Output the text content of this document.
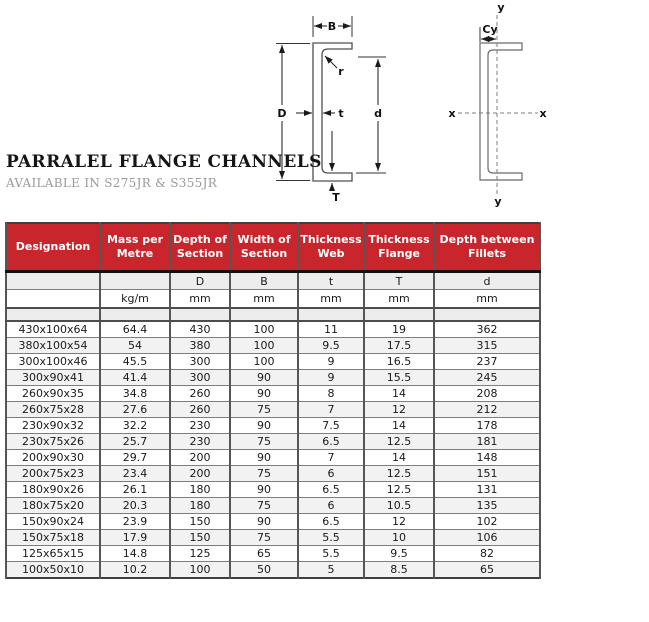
B
D	t	d
T
r
y
y
x	x
Cy
PARRALEL FLANGE CHANNELS

AVAILABLE IN S275JR & S355JR

Designation	Mass per Metre	Depth of Section	Width of Section	Thickness Web	Thickness Flange	Depth between Fillets
		D	B	t	T	d
	kg/m	mm	mm	mm	mm	mm

430x100x64	64.4	430	100	11	19	362
380x100x54	54	380	100	9.5	17.5	315
300x100x46	45.5	300	100	9	16.5	237
300x90x41	41.4	300	90	9	15.5	245
260x90x35	34.8	260	90	8	14	208
260x75x28	27.6	260	75	7	12	212
230x90x32	32.2	230	90	7.5	14	178
230x75x26	25.7	230	75	6.5	12.5	181
200x90x30	29.7	200	90	7	14	148
200x75x23	23.4	200	75	6	12.5	151
180x90x26	26.1	180	90	6.5	12.5	131
180x75x20	20.3	180	75	6	10.5	135
150x90x24	23.9	150	90	6.5	12	102
150x75x18	17.9	150	75	5.5	10	106
125x65x15	14.8	125	65	5.5	9.5	82
100x50x10	10.2	100	50	5	8.5	65
